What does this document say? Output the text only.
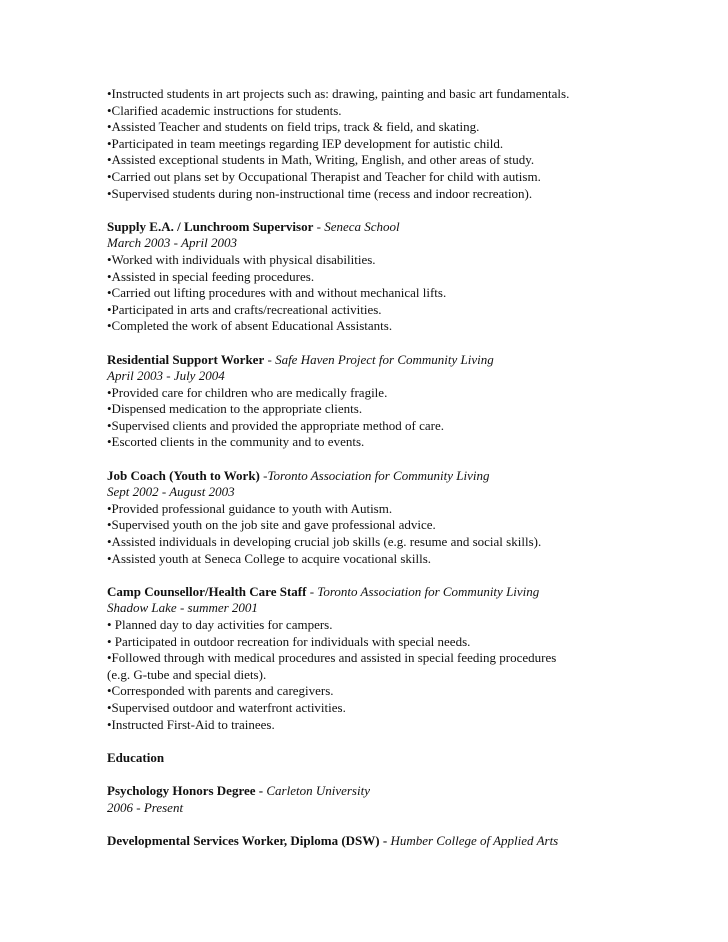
•Instructed students in art projects such as: drawing, painting and basic art fundamentals.
•Clarified academic instructions for students.
•Assisted Teacher and students on field trips, track & field, and skating.
•Participated in team meetings regarding IEP development for autistic child.
•Assisted exceptional students in Math, Writing, English, and other areas of study.
•Carried out plans set by Occupational Therapist and Teacher for child with autism.
•Supervised students during non-instructional time (recess and indoor recreation).
Supply E.A. / Lunchroom Supervisor - Seneca School
March 2003 - April 2003
•Worked with individuals with physical disabilities.
•Assisted in special feeding procedures.
•Carried out lifting procedures with and without mechanical lifts.
•Participated in arts and crafts/recreational activities.
•Completed the work of absent Educational Assistants.
Residential Support Worker - Safe Haven Project for Community Living
April 2003 - July 2004
•Provided care for children who are medically fragile.
•Dispensed medication to the appropriate clients.
•Supervised clients and provided the appropriate method of care.
•Escorted clients in the community and to events.
Job Coach (Youth to Work) -Toronto Association for Community Living
Sept 2002 - August 2003
•Provided professional guidance to youth with Autism.
•Supervised youth on the job site and gave professional advice.
•Assisted individuals in developing crucial job skills (e.g. resume and social skills).
•Assisted youth at Seneca College to acquire vocational skills.
Camp Counsellor/Health Care Staff - Toronto Association for Community Living
Shadow Lake - summer 2001
• Planned day to day activities for campers.
• Participated in outdoor recreation for individuals with special needs.
•Followed through with medical procedures and assisted in special feeding procedures
(e.g. G-tube and special diets).
•Corresponded with parents and caregivers.
•Supervised outdoor and waterfront activities.
•Instructed First-Aid to trainees.
Education
Psychology Honors Degree - Carleton University
2006 - Present
Developmental Services Worker, Diploma (DSW) - Humber College of Applied Arts
